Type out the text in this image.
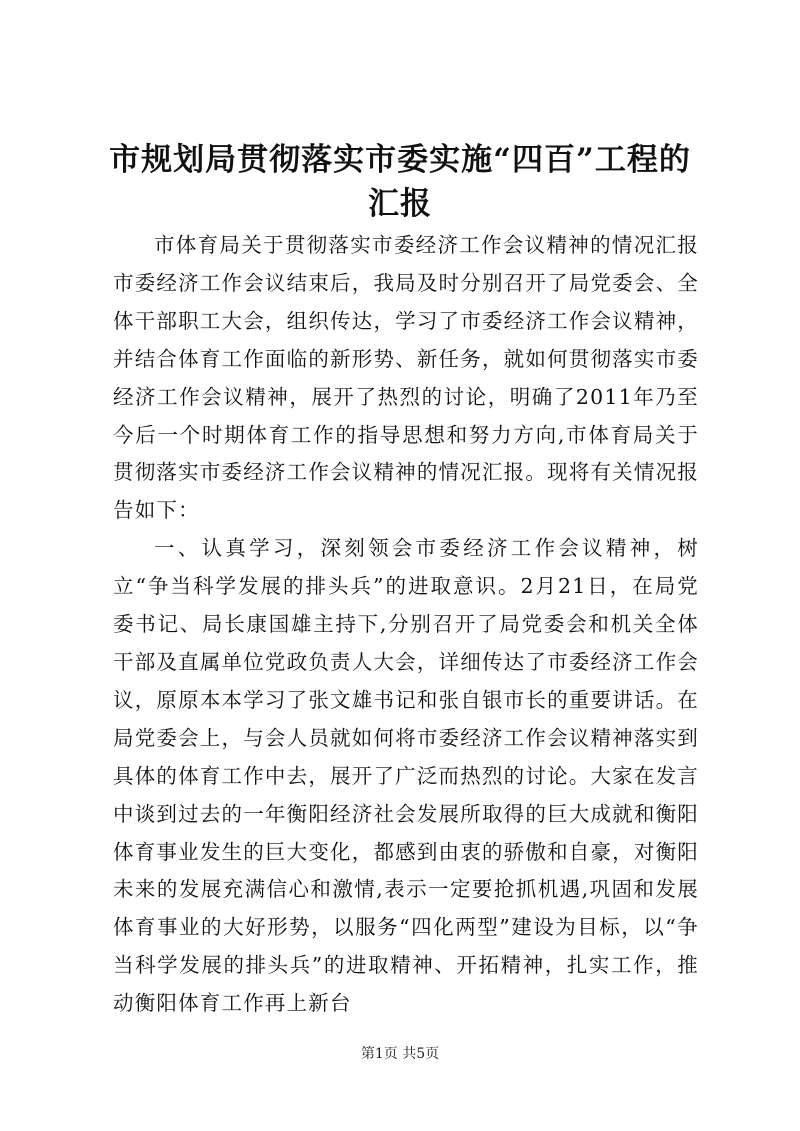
市规划局贯彻落实市委实施“四百”工程的汇报

市体育局关于贯彻落实市委经济工作会议精神的情况汇报市委经济工作会议结束后，我局及时分别召开了局党委会、全体干部职工大会，组织传达，学习了市委经济工作会议精神，并结合体育工作面临的新形势、新任务，就如何贯彻落实市委经济工作会议精神，展开了热烈的讨论，明确了2011年乃至今后一个时期体育工作的指导思想和努力方向,市体育局关于贯彻落实市委经济工作会议精神的情况汇报。现将有关情况报告如下：

一、认真学习，深刻领会市委经济工作会议精神，树立“争当科学发展的排头兵”的进取意识。2月21日，在局党委书记、局长康国雄主持下,分别召开了局党委会和机关全体干部及直属单位党政负责人大会，详细传达了市委经济工作会议，原原本本学习了张文雄书记和张自银市长的重要讲话。在局党委会上，与会人员就如何将市委经济工作会议精神落实到具体的体育工作中去，展开了广泛而热烈的讨论。大家在发言中谈到过去的一年衡阳经济社会发展所取得的巨大成就和衡阳体育事业发生的巨大变化，都感到由衷的骄傲和自豪，对衡阳未来的发展充满信心和激情,表示一定要抢抓机遇,巩固和发展体育事业的大好形势，以服务“四化两型”建设为目标，以“争当科学发展的排头兵”的进取精神、开拓精神，扎实工作，推动衡阳体育工作再上新台

第1页 共5页
